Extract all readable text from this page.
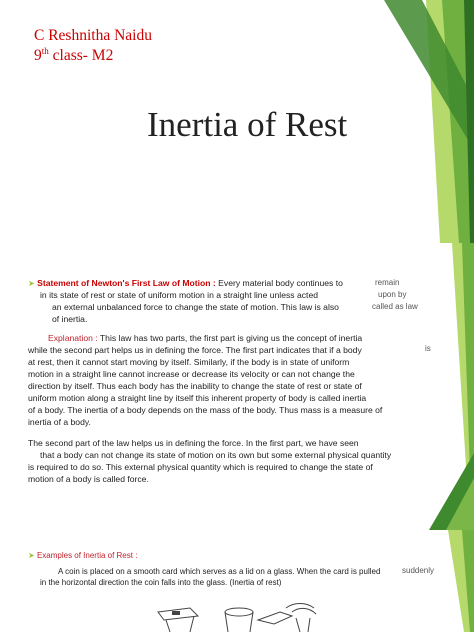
C Reshnitha Naidu
9th class- M2
Inertia of Rest
➤ Statement of Newton's First Law of Motion : Every material body continues to
in its state of rest or state of uniform motion in a straight line unless acted
an external unbalanced force to change the state of motion. This law is also
of inertia.
remain
upon by
called as law
is
Explanation : This law has two parts, the first part is giving us the concept of inertia
while the second part helps us in defining the force. The first part indicates that if a body
at rest, then it cannot start moving by itself. Similarly, if the body is in state of uniform
motion in a straight line cannot increase or decrease its velocity or can not change the
direction by itself. Thus each body has the inability to change the state of rest or state of
uniform motion along a straight line by itself this inherent property of body is called inertia
of a body. The inertia of a body depends on the mass of the body. Thus mass is a measure of
inertia of a body.
The second part of the law helps us in defining the force. In the first part, we have seen
that a body can not change its state of motion on its own but some external physical quantity
is required to do so. This external physical quantity which is required to change the state of
motion of a body is called force.
➤ Examples of Inertia of Rest :
A coin is placed on a smooth card which serves as a lid on a glass. When the card is pulled
in the horizontal direction the coin falls into the glass. (Inertia of rest)
suddenly
